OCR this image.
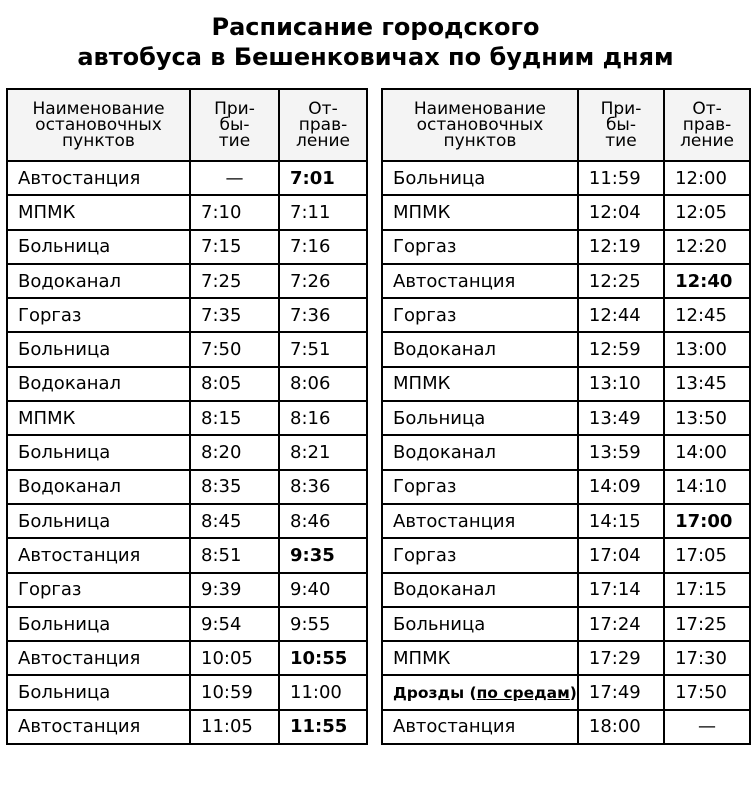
Расписание городского
автобуса в Бешенковичах по будним дням
Наименование
остановочных
пунктов	При-
бы-
тие	От-
прав-
ление

Автостанция	—	7:01
МПМК	7:10	7:11
Больница	7:15	7:16
Водоканал	7:25	7:26
Горгаз	7:35	7:36
Больница	7:50	7:51
Водоканал	8:05	8:06
МПМК	8:15	8:16
Больница	8:20	8:21
Водоканал	8:35	8:36
Больница	8:45	8:46
Автостанция	8:51	9:35
Горгаз	9:39	9:40
Больница	9:54	9:55
Автостанция	10:05	10:55
Больница	10:59	11:00
Автостанция	11:05	11:55
Наименование
остановочных
пунктов	При-
бы-
тие	От-
прав-
ление

Больница	11:59	12:00
МПМК	12:04	12:05
Горгаз	12:19	12:20
Автостанция	12:25	12:40
Горгаз	12:44	12:45
Водоканал	12:59	13:00
МПМК	13:10	13:45
Больница	13:49	13:50
Водоканал	13:59	14:00
Горгаз	14:09	14:10
Автостанция	14:15	17:00
Горгаз	17:04	17:05
Водоканал	17:14	17:15
Больница	17:24	17:25
МПМК	17:29	17:30
Дрозды (по средам)	17:49	17:50
Автостанция	18:00	—
